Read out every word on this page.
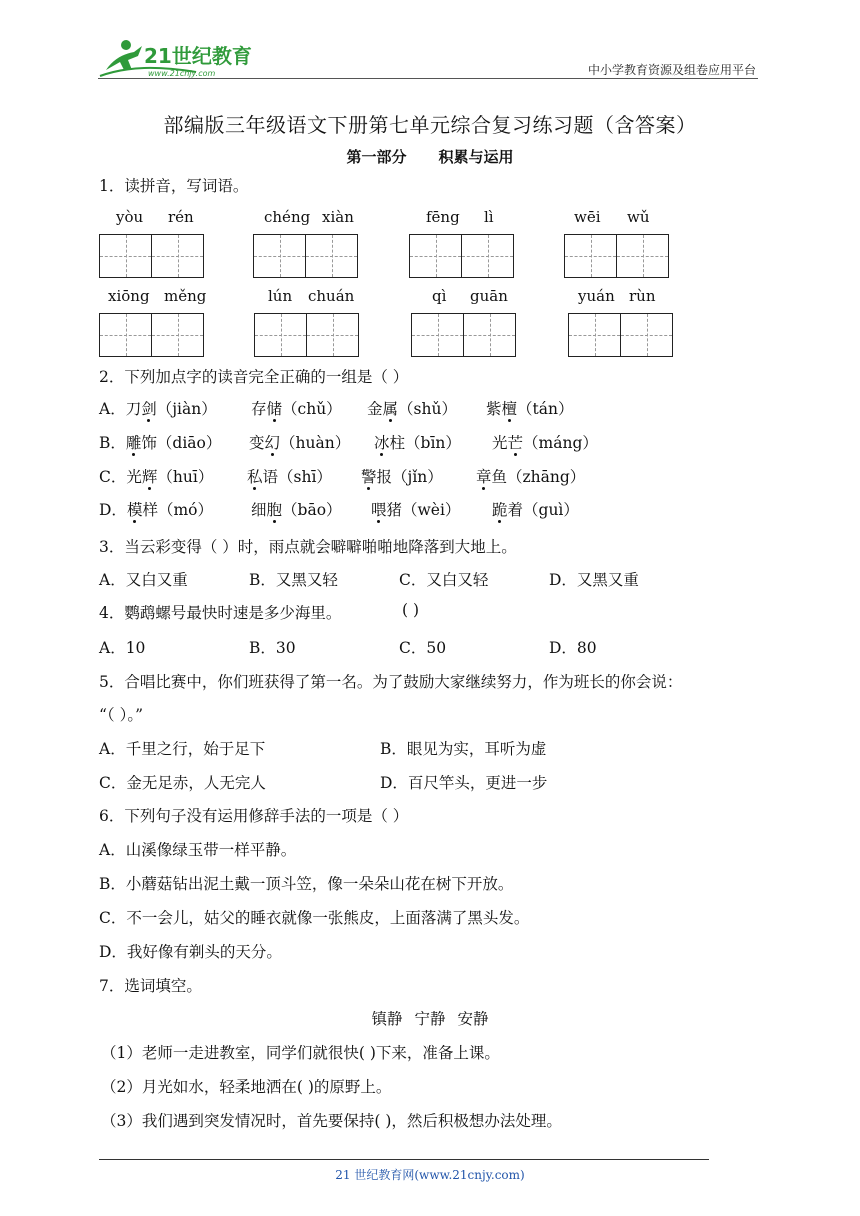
21世纪教育
www.21cnjy.com	中小学教育资源及组卷应用平台
部编版三年级语文下册第七单元综合复习练习题（含答案）
第一部分 积累与运用
1．读拼音，写词语。
yòu rén	chéng xiàn	fēng lì	wēi wǔ
xiōng měng	lún chuán	qì guān	yuán rùn
2．下列加点字的读音完全正确的一组是（ ）
A．刀剑（jiàn） 存储（chǔ） 金属（shǔ） 紫檀（tán）
B．雕饰（diāo） 变幻（huàn） 冰柱（bīn） 光芒（máng）
C．光辉（huī） 私语（shī） 警报（jǐn） 章鱼（zhāng）
D．模样（mó） 细胞（bāo） 喂猪（wèi） 跪着（guì）
3．当云彩变得（ ）时，雨点就会噼噼啪啪地降落到大地上。
A．又白又重	B．又黑又轻	C．又白又轻	D．又黑又重
4．鹦鹉螺号最快时速是多少海里。	( )
A．10	B．30	C．50	D．80
5．合唱比赛中，你们班获得了第一名。为了鼓励大家继续努力，作为班长的你会说：
“（ ）。”
A．千里之行，始于足下	B．眼见为实，耳听为虚
C．金无足赤，人无完人	D．百尺竿头，更进一步
6．下列句子没有运用修辞手法的一项是（ ）
A．山溪像绿玉带一样平静。
B．小蘑菇钻出泥土戴一顶斗笠，像一朵朵山花在树下开放。
C．不一会儿，姑父的睡衣就像一张熊皮，上面落满了黑头发。
D．我好像有剃头的天分。
7．选词填空。
镇静 宁静 安静
（1）老师一走进教室，同学们就很快( )下来，准备上课。
（2）月光如水，轻柔地洒在( )的原野上。
（3）我们遇到突发情况时，首先要保持( )，然后积极想办法处理。
21 世纪教育网(www.21cnjy.com)
